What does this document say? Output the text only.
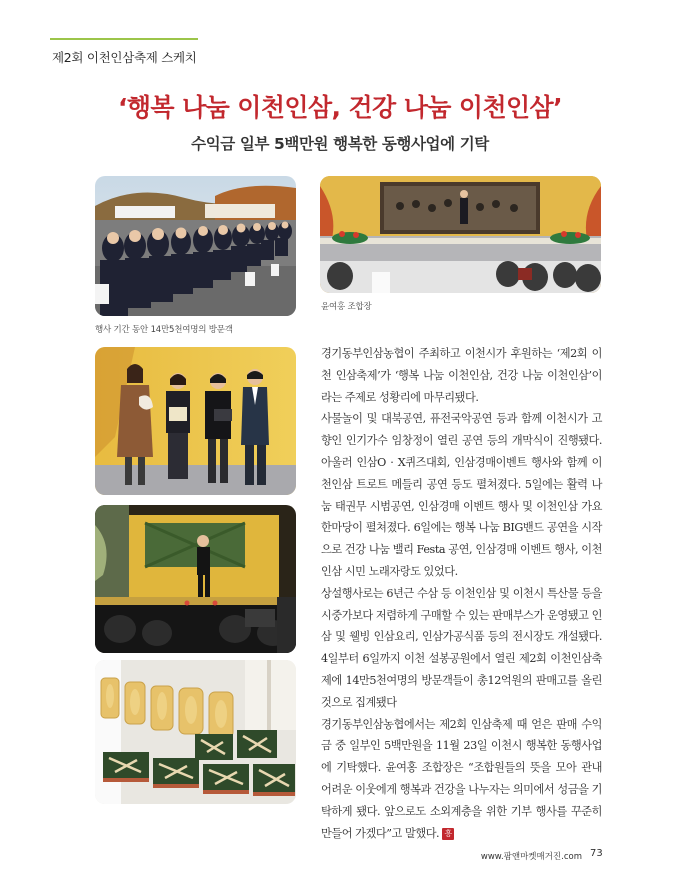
제2회 이천인삼축제 스케치
‘행복 나눔 이천인삼, 건강 나눔 이천인삼’
수익금 일부 5백만원 행복한 동행사업에 기탁
행사 기간 동안 14만5천여명의 방문객
윤여홍 조합장

경기동부인삼농협이 주최하고 이천시가 후원하는 ‘제2회 이천 인삼축제’가 ‘행복 나눔 이천인삼, 건강 나눔 이천인삼’이라는 주제로 성황리에 마무리됐다.

사물놀이 및 대북공연, 퓨전국악공연 등과 함께 이천시가 고향인 인기가수 임창정이 열린 공연 등의 개막식이 진행됐다. 아울러 인삼O · X퀴즈대회, 인삼경매이벤트 행사와 함께 이천인삼 트로트 메들리 공연 등도 펼쳐졌다. 5일에는 활력 나눔 태권무 시범공연, 인삼경매 이벤트 행사 및 이천인삼 가요한마당이 펼쳐졌다. 6일에는 행복 나눔 BIG밴드 공연을 시작으로 건강 나눔 밸리 Festa 공연, 인삼경매 이벤트 행사, 이천인삼 시민 노래자랑도 있었다.

상설행사로는 6년근 수삼 등 이천인삼 및 이천시 특산물 등을 시중가보다 저렴하게 구매할 수 있는 판매부스가 운영됐고 인삼 및 웰빙 인삼요리, 인삼가공식품 등의 전시장도 개설됐다. 4일부터 6일까지 이천 설봉공원에서 열린 제2회 이천인삼축제에 14만5천여명의 방문객들이 총12억원의 판매고를 올린 것으로 집계됐다

경기동부인삼농협에서는 제2회 인삼축제 때 얻은 판매 수익금 중 일부인 5백만원을 11월 23일 이천시 행복한 동행사업에 기탁했다. 윤여홍 조합장은 “조합원들의 뜻을 모아 관내 어려운 이웃에게 행복과 건강을 나누자는 의미에서 성금을 기탁하게 됐다. 앞으로도 소외계층을 위한 기부 행사를 꾸준히 만들어 가겠다”고 말했다. 흥

www.팜앤마켓매거진.com 73
